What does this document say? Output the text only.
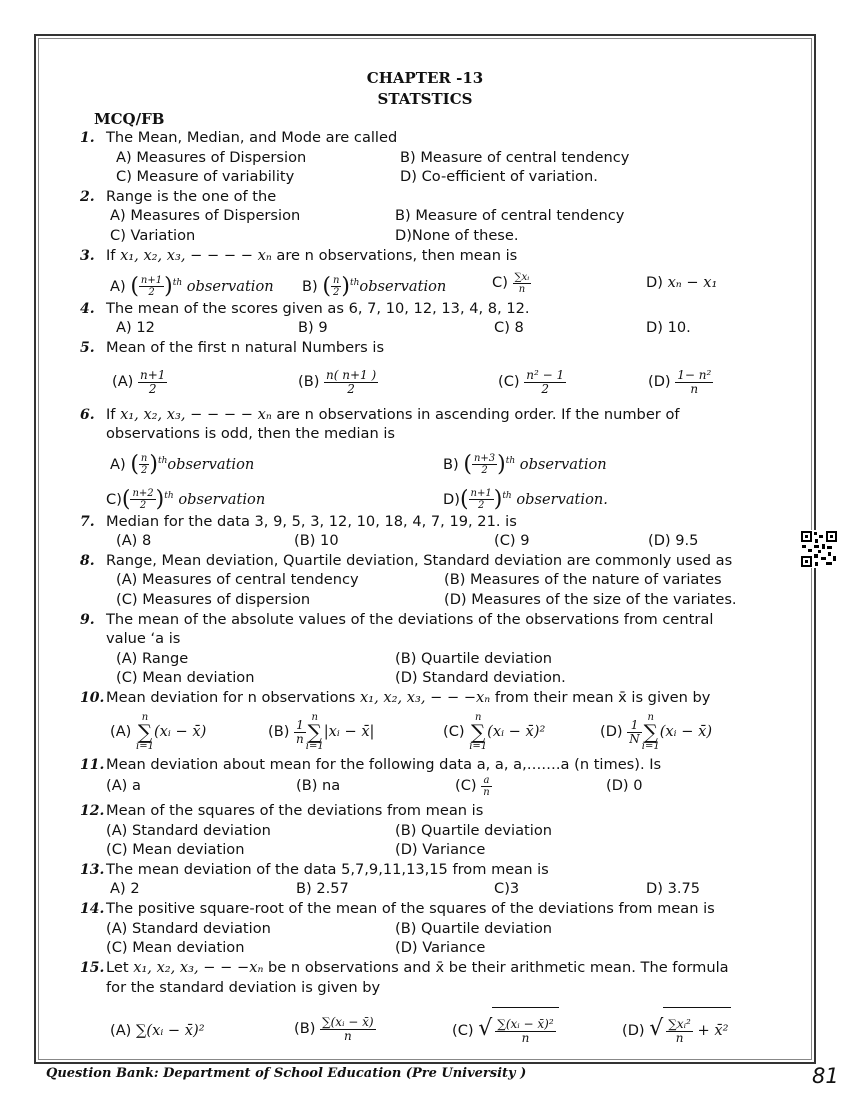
CHAPTER -13
STATSTICS
MCQ/FB
1. The Mean, Median, and Mode are called
A) Measures of Dispersion	B) Measure of central tendency
C) Measure of variability	D) Co-efficient of variation.
2. Range is the one of the
A) Measures of Dispersion	B) Measure of central tendency
C) Variation	D)None of these.
3. If x₁, x₂, x₃, − − − − xₙ are n observations, then mean is
A) ( $\frac{n+1}{2} )^{th}$ observation B) ( $\frac{n}{2}$ )$^{th}$observation	$C) \frac{\text{∑xᵢ}}{n}$	D) xₙ − x₁
4. The mean of the scores given as 6, 7, 10, 12, 13, 4, 8, 12.
A) 12	B) 9	C) 8	D) 10.
5. Mean of the first n natural Numbers is
$(A) \frac{n+1}{2}$	$(B) \frac{n( n+1 )}{2}$	$(C) \frac{\text{n² − 1}}{2}$	$(D) \frac{\text{1− n²}}{n}$
6. If x₁, x₂, x₃, − − − − xₙ are n observations in ascending order. If the number of
observations is odd, then the median is
A) ( $\frac{n}{2}$ )$^{th}$observation	B) ( $\frac{n+3}{2} )^{th}$ observation
$C)( \frac{n+2}{2} )^{th}$ observation	$D)( \frac{n+1}{2} )^{th}$ observation.
7. Median for the data 3, 9, 5, 3, 12, 10, 18, 4, 7, 19, 21. is
(A) 8	(B) 10	(C) 9	(D) 9.5
8. Range, Mean deviation, Quartile deviation, Standard deviation are commonly used as
(A) Measures of central tendency	(B) Measures of the nature of variates
(C) Measures of dispersion	(D) Measures of the size of the variates.
9. The mean of the absolute values of the deviations of the observations from central
value ‘a is
(A) Range	(B) Quartile deviation
(C) Mean deviation	(D) Standard deviation.
10. Mean deviation for n observations x₁, x₂, x₃, − − −xₙ from their mean x̄ is given by
(A)
n
∑
i=1
(xᵢ − x̄)	$(B) \frac{1}{n}$
n
∑
i=1
|xᵢ − x̄|	(C)
n
∑
i=1
(xᵢ − x̄)²	$(D) \frac{1}{N}$
n
∑
i=1
(xᵢ − x̄)
11. Mean deviation about mean for the following data a, a, a,…….a (n times). Is
(A) a	(B) na	$(C) \frac{a}{n}$	(D) 0
12. Mean of the squares of the deviations from mean is
(A) Standard deviation	(B) Quartile deviation
(C) Mean deviation	(D) Variance
13. The mean deviation of the data 5,7,9,11,13,15 from mean is
A) 2	B) 2.57	C)3	D) 3.75
14. The positive square-root of the mean of the squares of the deviations from mean is
(A) Standard deviation	(B) Quartile deviation
(C) Mean deviation	(D) Variance
15. Let x₁, x₂, x₃, − − −xₙ be n observations and x̄ be their arithmetic mean. The formula
for the standard deviation is given by
(A) ∑(xᵢ − x̄)²	$(B) \frac{\text{∑(xᵢ − x̄)}}{n}$	(C) √ $\frac{\text{∑(xᵢ − x̄)²}}{n}$	(D) √ $\frac{\text{∑xᵢ²}}{n}$ + x̄²
Question Bank: Department of School Education (Pre University )	81
